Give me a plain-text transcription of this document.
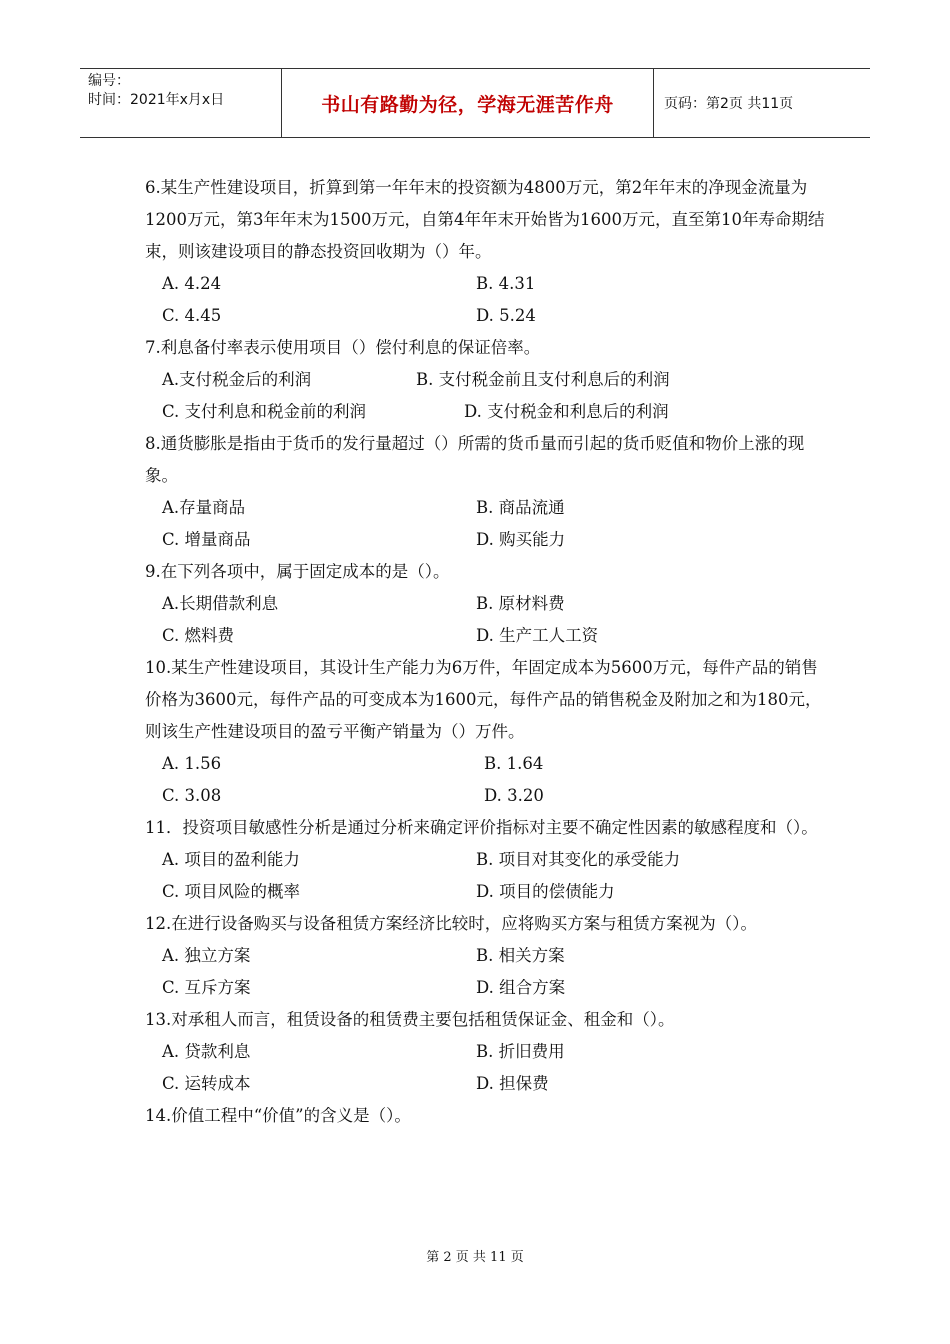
编号：
时间：2021年x月x日	书山有路勤为径，学海无涯苦作舟	页码：第2页 共11页

6.某生产性建设项目，折算到第一年年末的投资额为4800万元，第2年年末的净现金流量为1200万元，第3年年末为1500万元，自第4年年末开始皆为1600万元，直至第10年寿命期结束，则该建设项目的静态投资回收期为（）年。

A. 4.24	B. 4.31
C. 4.45	D. 5.24

7.利息备付率表示使用项目（）偿付利息的保证倍率。

A.支付税金后的利润	B. 支付税金前且支付利息后的利润
C. 支付利息和税金前的利润	D. 支付税金和利息后的利润

8.通货膨胀是指由于货币的发行量超过（）所需的货币量而引起的货币贬值和物价上涨的现象。

A.存量商品	B. 商品流通
C. 增量商品	D. 购买能力

9.在下列各项中，属于固定成本的是（）。

A.长期借款利息	B. 原材料费
C. 燃料费	D. 生产工人工资

10.某生产性建设项目，其设计生产能力为6万件，年固定成本为5600万元，每件产品的销售价格为3600元，每件产品的可变成本为1600元，每件产品的销售税金及附加之和为180元，则该生产性建设项目的盈亏平衡产销量为（）万件。

A. 1.56	B. 1.64
C. 3.08	D. 3.20

11．投资项目敏感性分析是通过分析来确定评价指标对主要不确定性因素的敏感程度和（）。

A. 项目的盈利能力	B. 项目对其变化的承受能力
C. 项目风险的概率	D. 项目的偿债能力

12.在进行设备购买与设备租赁方案经济比较时，应将购买方案与租赁方案视为（）。

A. 独立方案	B. 相关方案
C. 互斥方案	D. 组合方案

13.对承租人而言，租赁设备的租赁费主要包括租赁保证金、租金和（）。

A. 贷款利息	B. 折旧费用
C. 运转成本	D. 担保费

14.价值工程中“价值”的含义是（）。

第 2 页 共 11 页
